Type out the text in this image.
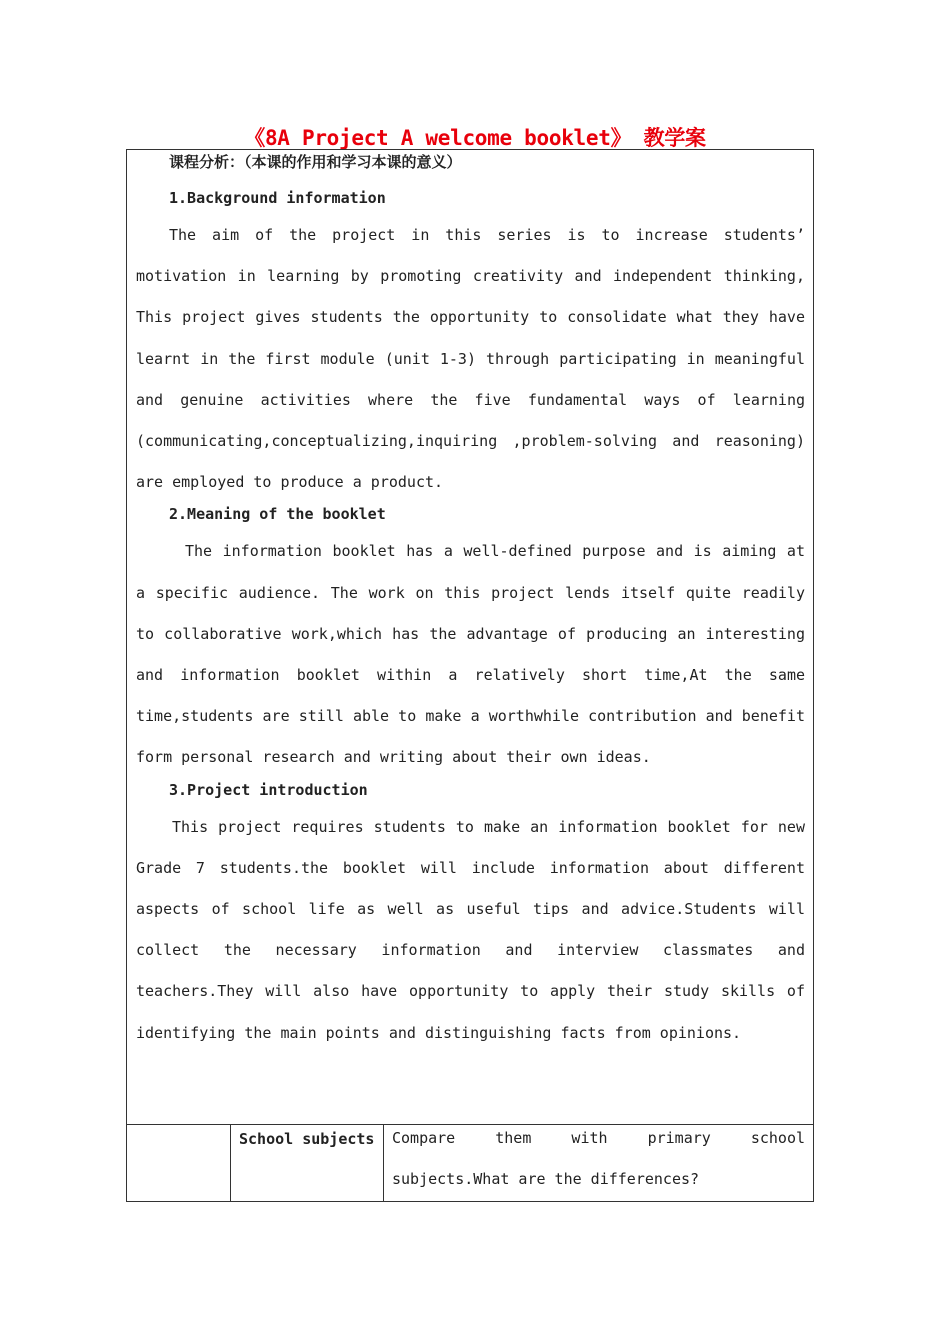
《8A Project A welcome booklet》 教学案
课程分析：（本课的作用和学习本课的意义）
1.Background information

The aim of the project in this series is to increase students’ motivation in learning by promoting creativity and independent thinking, This project gives students the opportunity to consolidate what they have learnt in the first module (unit 1-3) through participating in meaningful and genuine activities where the five fundamental ways of learning (communicating,conceptualizing,inquiring ,problem-solving and reasoning) are employed to produce a product.

2.Meaning of the booklet

The information booklet has a well-defined purpose and is aiming at a specific audience. The work on this project lends itself quite readily to collaborative work,which has the advantage of producing an interesting and information booklet within a relatively short time,At the same time,students are still able to make a worthwhile contribution and benefit form personal research and writing about their own ideas.

3.Project introduction

This project requires students to make an information booklet for new Grade 7 students.the booklet will include information about different aspects of school life as well as useful tips and advice.Students will collect the necessary information and interview classmates and teachers.They will also have opportunity to apply their study skills of identifying the main points and distinguishing facts from opinions.

School subjects	Compare them with primary school subjects.What are the differences?
